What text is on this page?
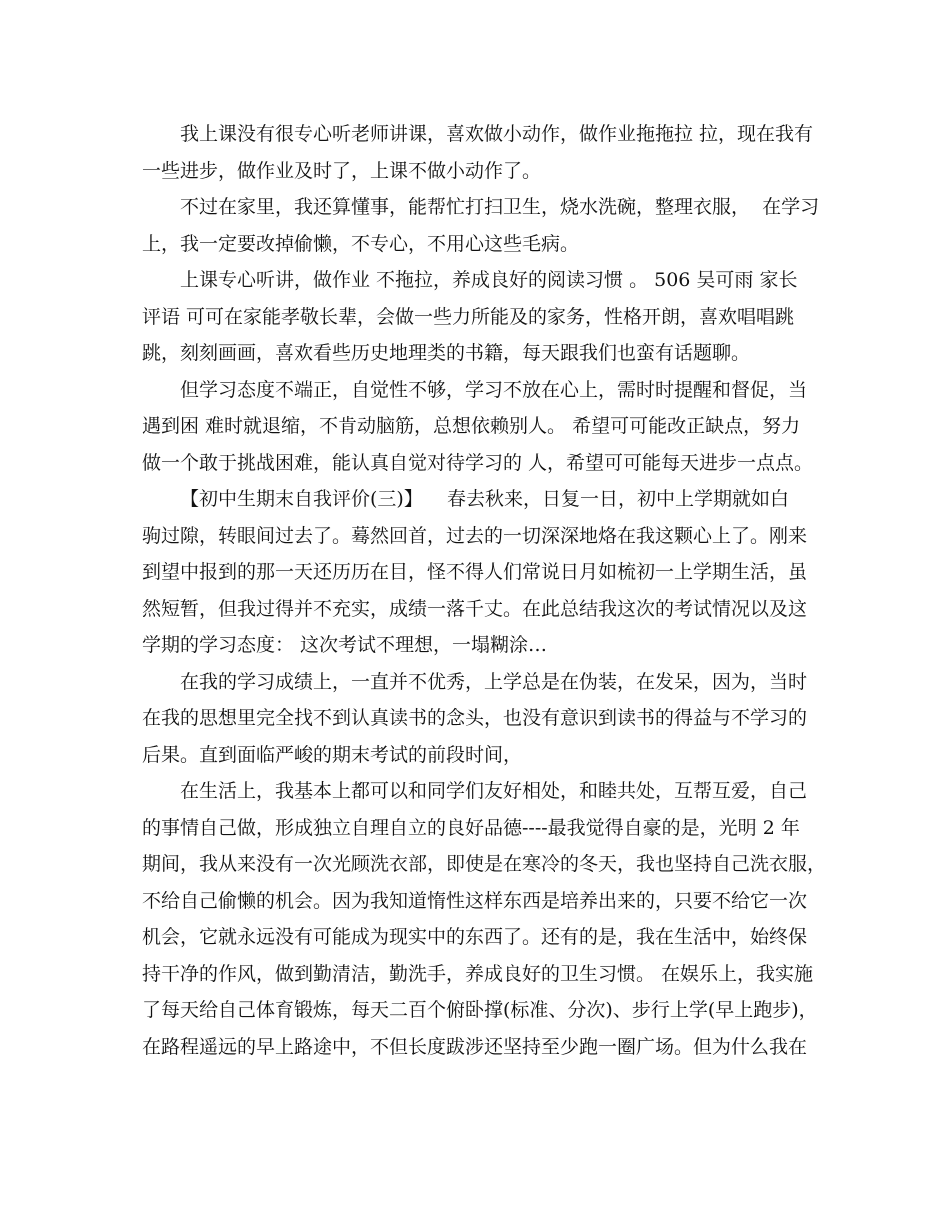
我上课没有很专心听老师讲课，喜欢做小动作，做作业拖拖拉 拉，现在我有
一些进步，做作业及时了，上课不做小动作了。
不过在家里，我还算懂事，能帮忙打扫卫生，烧水洗碗，整理衣服，  在学习
上，我一定要改掉偷懒，不专心，不用心这些毛病。
上课专心听讲，做作业 不拖拉，养成良好的阅读习惯 。 506 吴可雨 家长
评语 可可在家能孝敬长辈，会做一些力所能及的家务，性格开朗，喜欢唱唱跳
跳，刻刻画画，喜欢看些历史地理类的书籍，每天跟我们也蛮有话题聊。
但学习态度不端正，自觉性不够，学习不放在心上，需时时提醒和督促，当
遇到困 难时就退缩，不肯动脑筋，总想依赖别人。 希望可可能改正缺点，努力
做一个敢于挑战困难，能认真自觉对待学习的 人，希望可可能每天进步一点点。
【初中生期末自我评价(三)】    春去秋来，日复一日，初中上学期就如白
驹过隙，转眼间过去了。蓦然回首，过去的一切深深地烙在我这颗心上了。刚来
到望中报到的那一天还历历在目，怪不得人们常说日月如梳初一上学期生活，虽
然短暂，但我过得并不充实，成绩一落千丈。在此总结我这次的考试情况以及这
学期的学习态度： 这次考试不理想，一塌糊涂…
在我的学习成绩上，一直并不优秀，上学总是在伪装，在发呆，因为，当时
在我的思想里完全找不到认真读书的念头，也没有意识到读书的得益与不学习的
后果。直到面临严峻的期末考试的前段时间，
在生活上，我基本上都可以和同学们友好相处，和睦共处，互帮互爱，自己
的事情自己做，形成独立自理自立的良好品德----最我觉得自豪的是，光明 2 年
期间，我从来没有一次光顾洗衣部，即使是在寒冷的冬天，我也坚持自己洗衣服，
不给自己偷懒的机会。因为我知道惰性这样东西是培养出来的，只要不给它一次
机会，它就永远没有可能成为现实中的东西了。还有的是，我在生活中，始终保
持干净的作风，做到勤清洁，勤洗手，养成良好的卫生习惯。 在娱乐上，我实施
了每天给自己体育锻炼，每天二百个俯卧撑(标准、分次)、步行上学(早上跑步)，
在路程遥远的早上路途中，不但长度跋涉还坚持至少跑一圈广场。但为什么我在
